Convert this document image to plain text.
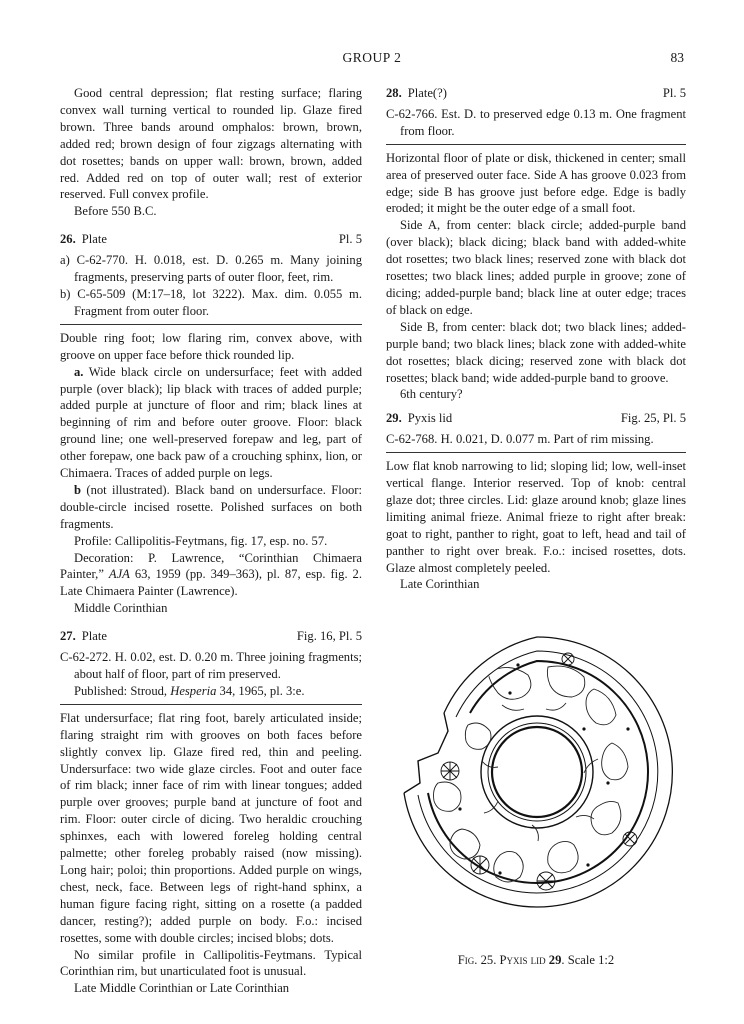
GROUP 2	83

Good central depression; flat resting surface; flaring convex wall turning vertical to rounded lip. Glaze fired brown. Three bands around omphalos: brown, brown, added red; brown design of four zigzags alternating with dot rosettes; bands on upper wall: brown, brown, added red. Added red on top of outer wall; rest of exterior reserved. Full convex profile.

Before 550 B.C.

26. Plate	Pl. 5

a) C-62-770. H. 0.018, est. D. 0.265 m. Many joining fragments, preserving parts of outer floor, feet, rim.

b) C-65-509 (M:17–18, lot 3222). Max. dim. 0.055 m. Fragment from outer floor.

Double ring foot; low flaring rim, convex above, with groove on upper face before thick rounded lip.

a. Wide black circle on undersurface; feet with added purple (over black); lip black with traces of added purple; added purple at juncture of floor and rim; black lines at beginning of rim and before outer groove. Floor: black ground line; one well-preserved forepaw and leg, part of other forepaw, one back paw of a crouching sphinx, lion, or Chimaera. Traces of added purple on legs.

b (not illustrated). Black band on undersurface. Floor: double-circle incised rosette. Polished surfaces on both fragments.

Profile: Callipolitis-Feytmans, fig. 17, esp. no. 57.

Decoration: P. Lawrence, “Corinthian Chimaera Painter,” AJA 63, 1959 (pp. 349–363), pl. 87, esp. fig. 2. Late Chimaera Painter (Lawrence).

Middle Corinthian

27. Plate	Fig. 16, Pl. 5

C-62-272. H. 0.02, est. D. 0.20 m. Three joining fragments; about half of floor, part of rim preserved.

Published: Stroud, Hesperia 34, 1965, pl. 3:e.

Flat undersurface; flat ring foot, barely articulated inside; flaring straight rim with grooves on both faces before slightly convex lip. Glaze fired red, thin and peeling. Undersurface: two wide glaze circles. Foot and outer face of rim black; inner face of rim with linear tongues; added purple over grooves; purple band at juncture of foot and rim. Floor: outer circle of dicing. Two heraldic crouching sphinxes, each with lowered foreleg holding central palmette; other foreleg probably raised (now missing). Long hair; poloi; thin proportions. Added purple on wings, chest, neck, face. Between legs of right-hand sphinx, a human figure facing right, sitting on a rosette (a padded dancer, resting?); added purple on body. F.o.: incised rosettes, some with double circles; incised blobs; dots.

No similar profile in Callipolitis-Feytmans. Typical Corinthian rim, but unarticulated foot is unusual.

Late Middle Corinthian or Late Corinthian

28. Plate(?)	Pl. 5

C-62-766. Est. D. to preserved edge 0.13 m. One fragment from floor.

Horizontal floor of plate or disk, thickened in center; small area of preserved outer face. Side A has groove 0.023 from edge; side B has groove just before edge. Edge is badly eroded; it might be the outer edge of a small foot.

Side A, from center: black circle; added-purple band (over black); black dicing; black band with added-white dot rosettes; two black lines; reserved zone with black dot rosettes; two black lines; added purple in groove; zone of dicing; added-purple band; black line at outer edge; traces of black on edge.

Side B, from center: black dot; two black lines; added-purple band; two black lines; black zone with added-white dot rosettes; black dicing; reserved zone with black dot rosettes; black band; wide added-purple band to groove.

6th century?

29. Pyxis lid	Fig. 25, Pl. 5

C-62-768. H. 0.021, D. 0.077 m. Part of rim missing.

Low flat knob narrowing to lid; sloping lid; low, well-inset vertical flange. Interior reserved. Top of knob: central glaze dot; three circles. Lid: glaze around knob; glaze lines limiting animal frieze. Animal frieze to right after break: goat to right, panther to right, goat to left, head and tail of panther to right over break. F.o.: incised rosettes, dots. Glaze almost completely peeled.

Late Corinthian

Fig. 25. Pyxis lid 29. Scale 1:2
